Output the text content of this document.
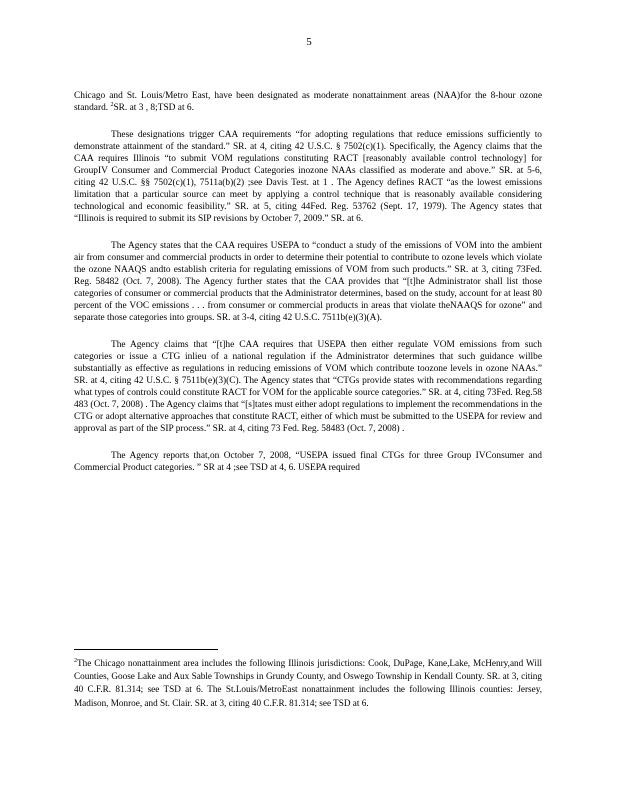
5

Chicago and St. Louis/Metro East, have been designated as moderate nonattainment areas (NAA)for the 8-hour ozone standard. $^2$SR. at 3 , 8;TSD at 6.

These designations trigger CAA requirements “for adopting regulations that reduce emissions sufficiently to demonstrate attainment of the standard.” SR. at 4, citing 42 U.S.C. § 7502(c)(1). Specifically, the Agency claims that the CAA requires Illinois “to submit VOM regulations constituting RACT [reasonably available control technology] for GroupIV Consumer and Commercial Product Categories inozone NAAs classified as moderate and above.” SR. at 5-6, citing 42 U.S.C. §§ 7502(c)(1), 7511a(b)(2) ;see Davis Test. at 1 . The Agency defines RACT “as the lowest emissions limitation that a particular source can meet by applying a control technique that is reasonably available considering technological and economic feasibility.” SR. at 5, citing 44Fed. Reg. 53762 (Sept. 17, 1979). The Agency states that “Illinois is required to submit its SIP revisions by October 7, 2009.” SR. at 6.

The Agency states that the CAA requires USEPA to “conduct a study of the emissions of VOM into the ambient air from consumer and commercial products in order to determine their potential to contribute to ozone levels which violate the ozone NAAQS andto establish criteria for regulating emissions of VOM from such products.” SR. at 3, citing 73Fed. Reg. 58482 (Oct. 7, 2008). The Agency further states that the CAA provides that “[t]he Administrator shall list those categories of consumer or commercial products that the Administrator determines, based on the study, account for at least 80 percent of the VOC emissions . . . from consumer or commercial products in areas that violate theNAAQS for ozone” and separate those categories into groups. SR. at 3-4, citing 42 U.S.C. 7511b(e)(3)(A).

The Agency claims that “[t]he CAA requires that USEPA then either regulate VOM emissions from such categories or issue a CTG inlieu of a national regulation if the Administrator determines that such guidance willbe substantially as effective as regulations in reducing emissions of VOM which contribute toozone levels in ozone NAAs.” SR. at 4, citing 42 U.S.C. § 7511b(e)(3)(C). The Agency states that “CTGs provide states with recommendations regarding what types of controls could constitute RACT for VOM for the applicable source categories.” SR. at 4, citing 73Fed. Reg.58 483 (Oct. 7, 2008) . The Agency claims that “[s]tates must either adopt regulations to implement the recommendations in the CTG or adopt alternative approaches that constitute RACT, either of which must be submitted to the USEPA for review and approval as part of the SIP process.” SR. at 4, citing 73 Fed. Reg. 58483 (Oct. 7, 2008) .

The Agency reports that,on October 7, 2008, “USEPA issued final CTGs for three Group IVConsumer and Commercial Product categories. ” SR at 4 ;see TSD at 4, 6. USEPA required

$^2$The Chicago nonattainment area includes the following Illinois jurisdictions: Cook, DuPage, Kane,Lake, McHenry,and Will Counties, Goose Lake and Aux Sable Townships in Grundy County, and Oswego Township in Kendall County. SR. at 3, citing 40 C.F.R. 81.314; see TSD at 6. The St.Louis/MetroEast nonattainment includes the following Illinois counties: Jersey, Madison, Monroe, and St. Clair. SR. at 3, citing 40 C.F.R. 81.314; see TSD at 6.
